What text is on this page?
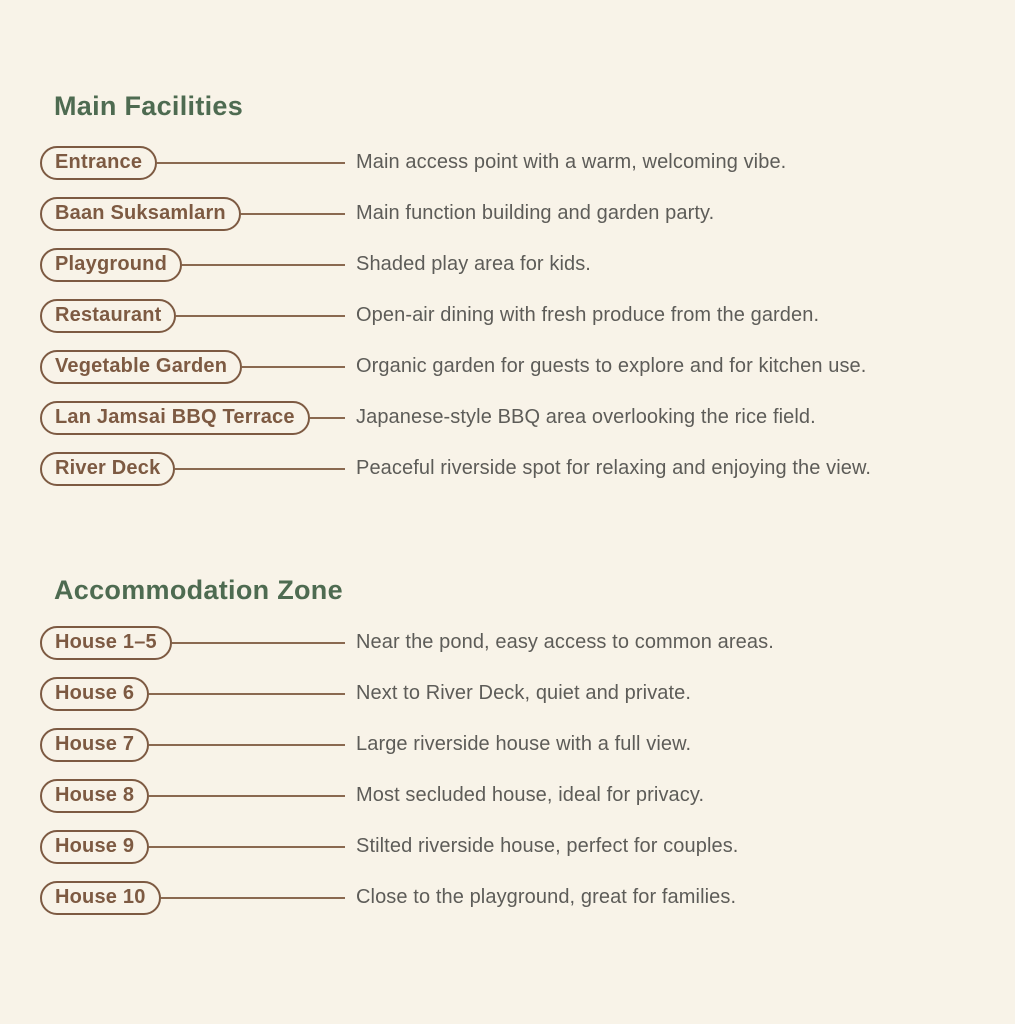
Main Facilities
Entrance	Main access point with a warm, welcoming vibe.
Baan Suksamlarn	Main function building and garden party.
Playground	Shaded play area for kids.
Restaurant	Open-air dining with fresh produce from the garden.
Vegetable Garden	Organic garden for guests to explore and for kitchen use.
Lan Jamsai BBQ Terrace	Japanese-style BBQ area overlooking the rice field.
River Deck	Peaceful riverside spot for relaxing and enjoying the view.
Accommodation Zone
House 1–5	Near the pond, easy access to common areas.
House 6	Next to River Deck, quiet and private.
House 7	Large riverside house with a full view.
House 8	Most secluded house, ideal for privacy.
House 9	Stilted riverside house, perfect for couples.
House 10	Close to the playground, great for families.
